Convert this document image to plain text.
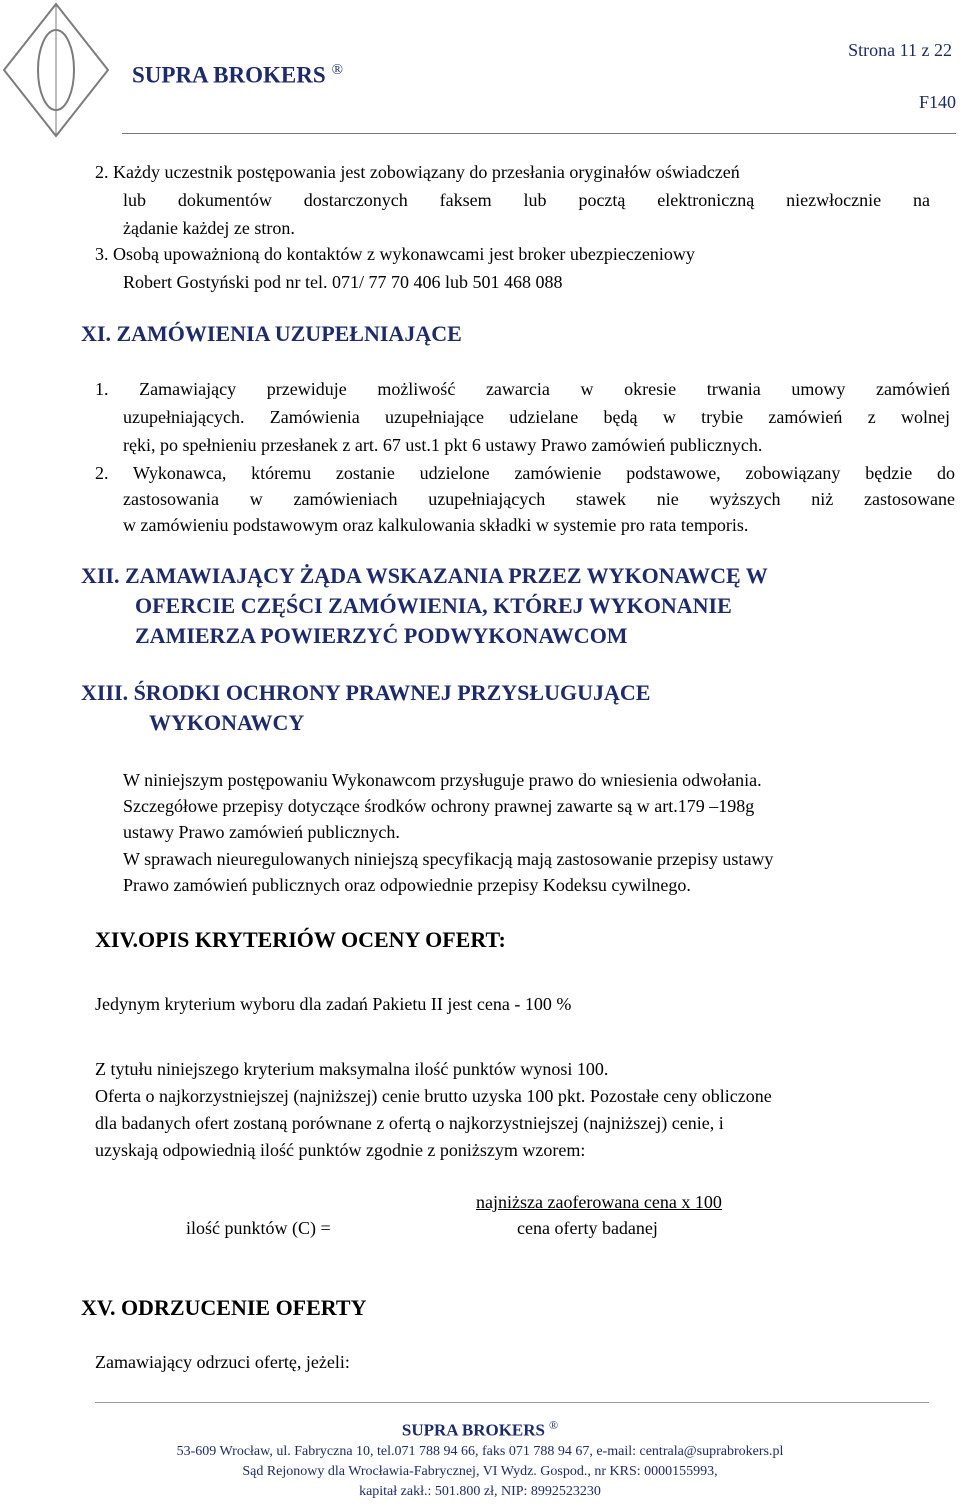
SUPRA BROKERS ®
Strona 11 z 22
F140
2. Każdy uczestnik postępowania jest zobowiązany do przesłania oryginałów oświadczeń
lub dokumentów dostarczonych faksem lub pocztą elektroniczną niezwłocznie na
żądanie każdej ze stron.
3. Osobą upoważnioną do kontaktów z wykonawcami jest broker ubezpieczeniowy
Robert Gostyński pod nr tel. 071/ 77 70 406 lub 501 468 088
XI. ZAMÓWIENIA UZUPEŁNIAJĄCE
1. Zamawiający przewiduje możliwość zawarcia w okresie trwania umowy zamówień
uzupełniających. Zamówienia uzupełniające udzielane będą w trybie zamówień z wolnej
ręki, po spełnieniu przesłanek z art. 67 ust.1 pkt 6 ustawy Prawo zamówień publicznych.
2. Wykonawca, któremu zostanie udzielone zamówienie podstawowe, zobowiązany będzie do
zastosowania w zamówieniach uzupełniających stawek nie wyższych niż zastosowane
w zamówieniu podstawowym oraz kalkulowania składki w systemie pro rata temporis.
XII. ZAMAWIAJĄCY ŻĄDA WSKAZANIA PRZEZ WYKONAWCĘ W
OFERCIE CZĘŚCI ZAMÓWIENIA, KTÓREJ WYKONANIE
ZAMIERZA POWIERZYĆ PODWYKONAWCOM
XIII. ŚRODKI OCHRONY PRAWNEJ PRZYSŁUGUJĄCE
WYKONAWCY
W niniejszym postępowaniu Wykonawcom przysługuje prawo do wniesienia odwołania.
Szczegółowe przepisy dotyczące środków ochrony prawnej zawarte są w art.179 –198g
ustawy Prawo zamówień publicznych.
W sprawach nieuregulowanych niniejszą specyfikacją mają zastosowanie przepisy ustawy
Prawo zamówień publicznych oraz odpowiednie przepisy Kodeksu cywilnego.
XIV.OPIS KRYTERIÓW OCENY OFERT:
Jedynym kryterium wyboru dla zadań Pakietu II jest cena - 100 %
Z tytułu niniejszego kryterium maksymalna ilość punktów wynosi 100.
Oferta o najkorzystniejszej (najniższej) cenie brutto uzyska 100 pkt. Pozostałe ceny obliczone
dla badanych ofert zostaną porównane z ofertą o najkorzystniejszej (najniższej) cenie, i
uzyskają odpowiednią ilość punktów zgodnie z poniższym wzorem:
najniższa zaoferowana cena x 100
ilość punktów (C) =	cena oferty badanej
XV. ODRZUCENIE OFERTY
Zamawiający odrzuci ofertę, jeżeli:
SUPRA BROKERS ®
53-609 Wrocław, ul. Fabryczna 10, tel.071 788 94 66, faks 071 788 94 67, e-mail: centrala@suprabrokers.pl
Sąd Rejonowy dla Wrocławia-Fabrycznej, VI Wydz. Gospod., nr KRS: 0000155993,
kapitał zakł.: 501.800 zł, NIP: 8992523230
